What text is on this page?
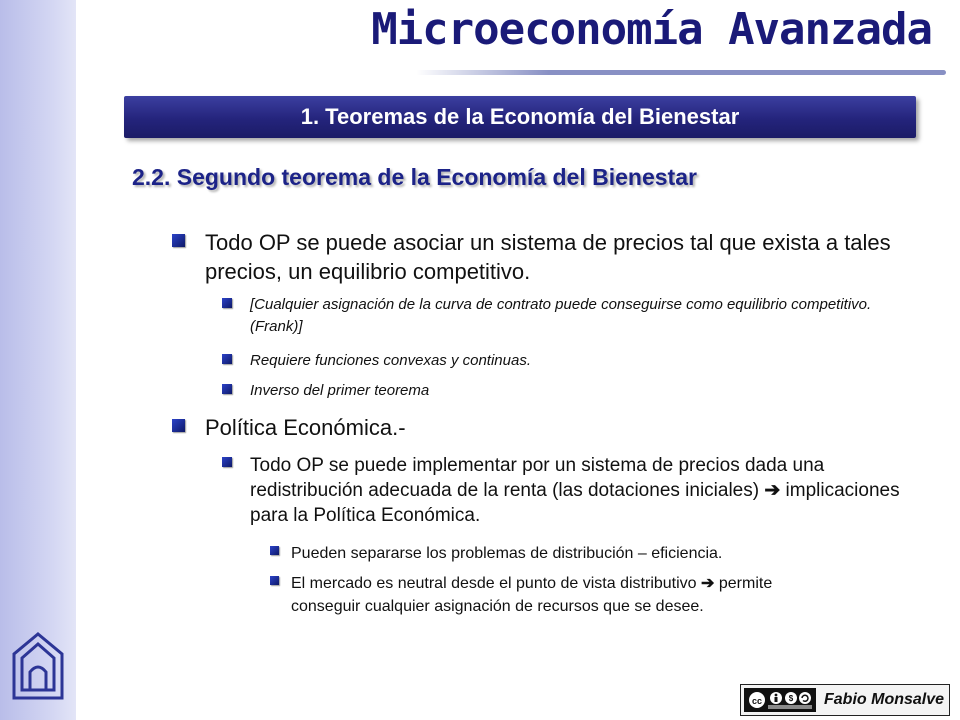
Microeconomía Avanzada
1. Teoremas de la Economía del Bienestar
2.2. Segundo teorema de la Economía del Bienestar
Todo OP se puede asociar un sistema de precios tal que exista a tales precios, un equilibrio competitivo.
[Cualquier asignación de la curva de contrato puede conseguirse como equilibrio competitivo. (Frank)]
Requiere funciones convexas y continuas.
Inverso del primer teorema
Política Económica.-
Todo OP se puede implementar por un sistema de precios dada una redistribución adecuada de la renta (las dotaciones iniciales) ➔ implicaciones para la Política Económica.
Pueden separarse los problemas de distribución – eficiencia.
El mercado es neutral desde el punto de vista distributivo ➔ permite conseguir cualquier asignación de recursos que se desee.
cc	$ Fabio Monsalve
